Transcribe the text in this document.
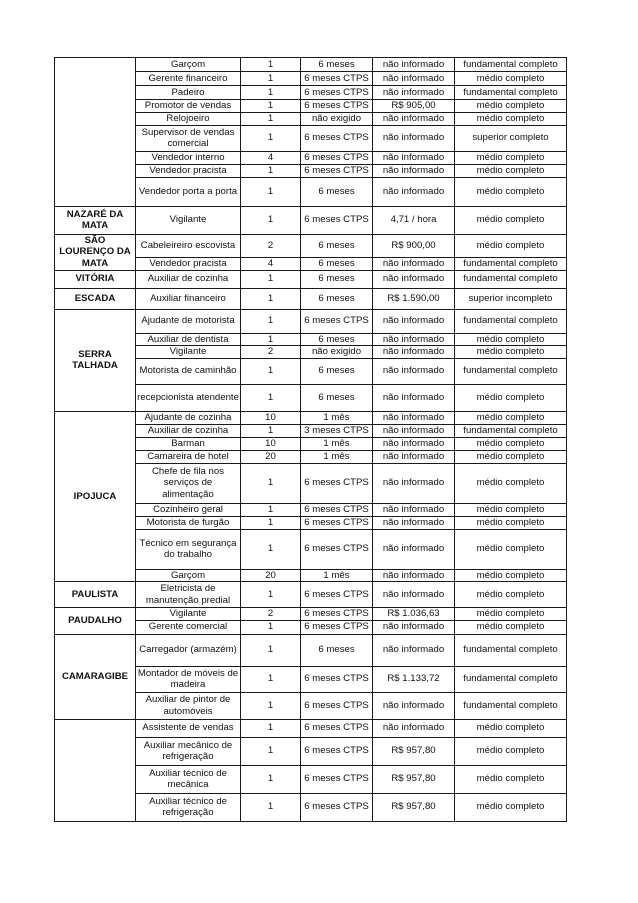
	Garçom	1	6 meses	não informado	fundamental completo
	Gerente financeiro	1	6 meses CTPS	não informado	médio completo
	Padeiro	1	6 meses CTPS	não informado	fundamental completo
	Promotor de vendas	1	6 meses CTPS	R$ 905,00	médio completo
	Relojoeiro	1	não exigido	não informado	médio completo
	Supervisor de vendas comercial	1	6 meses CTPS	não informado	superior completo
	Vendedor interno	4	6 meses CTPS	não informado	médio completo
	Vendedor pracista	1	6 meses CTPS	não informado	médio completo
	Vendedor porta a porta	1	6 meses	não informado	médio completo
NAZARÉ DA MATA	Vigilante	1	6 meses CTPS	4,71 / hora	médio completo
SÃO LOURENÇO DA MATA	Cabeleireiro escovista	2	6 meses	R$ 900,00	médio completo
	Vendedor pracista	4	6 meses	não informado	fundamental completo
VITÓRIA	Auxiliar de cozinha	1	6 meses	não informado	fundamental completo
ESCADA	Auxiliar financeiro	1	6 meses	R$ 1.590,00	superior incompleto
SERRA TALHADA	Ajudante de motorista	1	6 meses CTPS	não informado	fundamental completo
	Auxiliar de dentista	1	6 meses	não informado	médio completo
	Vigilante	2	não exigido	não informado	médio completo
	Motorista de caminhão	1	6 meses	não informado	fundamental completo
	recepcionista atendente	1	6 meses	não informado	médio completo
IPOJUCA	Ajudante de cozinha	10	1 mês	não informado	médio completo
	Auxiliar de cozinha	1	3 meses CTPS	não informado	fundamental completo
	Barman	10	1 mês	não informado	médio completo
	Camareira de hotel	20	1 mês	não informado	médio completo
	Chefe de fila nos serviços de alimentação	1	6 meses CTPS	não informado	médio completo
	Cozinheiro geral	1	6 meses CTPS	não informado	médio completo
	Motorista de furgão	1	6 meses CTPS	não informado	médio completo
	Técnico em segurança do trabalho	1	6 meses CTPS	não informado	médio completo
	Garçom	20	1 mês	não informado	médio completo
PAULISTA	Eletricista de manutenção predial	1	6 meses CTPS	não informado	médio completo
PAUDALHO	Vigilante	2	6 meses CTPS	R$ 1.036,63	médio completo
	Gerente comercial	1	6 meses CTPS	não informado	médio completo
CAMARAGIBE	Carregador (armazém)	1	6 meses	não informado	fundamental completo
	Montador de móveis de madeira	1	6 meses CTPS	R$ 1.133,72	fundamental completo
	Auxiliar de pintor de automóveis	1	6 meses CTPS	não informado	fundamental completo
	Assistente de vendas	1	6 meses CTPS	não informado	médio completo
	Auxiliar mecânico de refrigeração	1	6 meses CTPS	R$ 957,80	médio completo
	Auxiliar técnico de mecânica	1	6 meses CTPS	R$ 957,80	médio completo
	Auxiliar técnico de refrigeração	1	6 meses CTPS	R$ 957,80	médio completo
